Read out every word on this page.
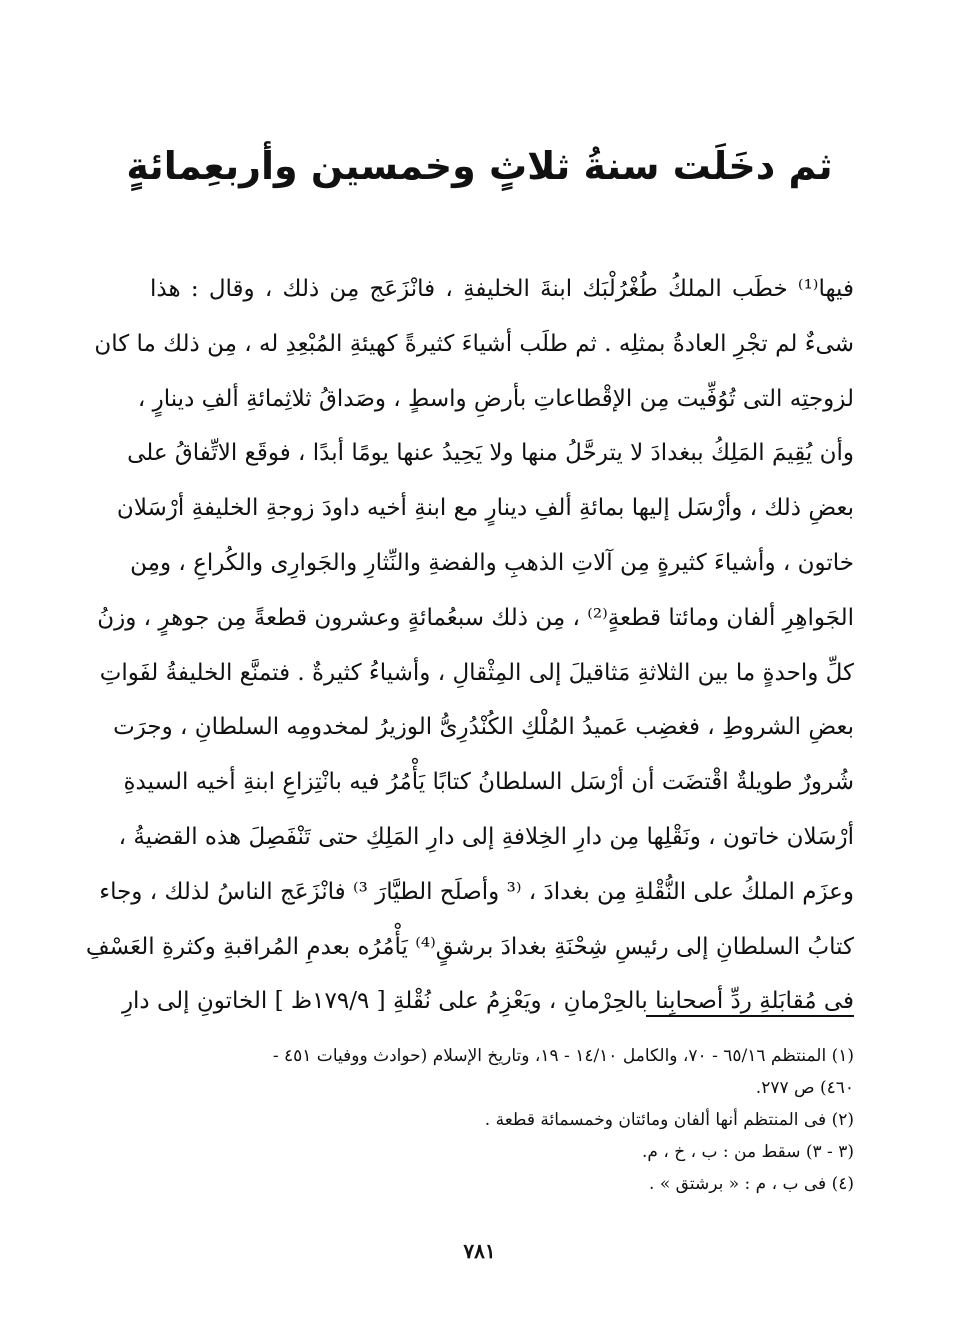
ثم دخَلَت سنةُ ثلاثٍ وخمسين وأربعِمائةٍ
فيها⁽¹⁾ خطَب الملكُ طُغْرُلْبَك ابنةَ الخليفةِ ، فانْزَعَج مِن ذلك ، وقال : هذا
شىءٌ لم تجْرِ العادةُ بمثلِه . ثم طلَب أشياءَ كثيرةً كهيئةِ المُبْعِدِ له ، مِن ذلك ما كان
لزوجتِه التى تُوُفِّيت مِن الإقْطاعاتِ بأرضِ واسطٍ ، وصَداقُ ثلاثِمائةِ ألفِ دينارٍ ،
وأن يُقِيمَ المَلِكُ ببغدادَ لا يترحَّلُ منها ولا يَحِيدُ عنها يومًا أبدًا ، فوقَع الاتِّفاقُ على
بعضِ ذلك ، وأرْسَل إليها بمائةِ ألفِ دينارٍ مع ابنةِ أخيه داودَ زوجةِ الخليفةِ أرْسَلان
خاتون ، وأشياءَ كثيرةٍ مِن آلاتِ الذهبِ والفضةِ والنِّثارِ والجَوارِى والكُراعِ ، ومِن
الجَواهِرِ ألفان ومائتا قطعةٍ⁽²⁾ ، مِن ذلك سبعُمائةٍ وعشرون قطعةً مِن جوهرٍ ، وزنُ
كلِّ واحدةٍ ما بين الثلاثةِ مَثاقيلَ إلى المِثْقالِ ، وأشياءُ كثيرةٌ . فتمنَّع الخليفةُ لفَواتِ
بعضِ الشروطِ ، فغضِب عَميدُ المُلْكِ الكُنْدُرِىُّ الوزيرُ لمخدومِه السلطانِ ، وجرَت
شُرورٌ طويلةٌ اقْتضَت أن أرْسَل السلطانُ كتابًا يَأْمُرُ فيه بانْتِزاعِ ابنةِ أخيه السيدةِ
أرْسَلان خاتون ، ونَقْلِها مِن دارِ الخِلافةِ إلى دارِ المَلِكِ حتى تَنْفَصِلَ هذه القضيةُ ،
وعزَم الملكُ على النُّقْلةِ مِن بغدادَ ، ⁽³ وأصلَح الطيَّارَ ³⁾ فانْزَعَج الناسُ لذلك ، وجاء
كتابُ السلطانِ إلى رئيسِ شِحْنَةِ بغدادَ برشقٍ⁽⁴⁾ يَأْمُرُه بعدمِ المُراقبةِ وكثرةِ العَسْفِ
فى مُقابَلةِ ردِّ أصحابِنا بالحِرْمانِ ، ويَعْزِمُ على نُقْلةِ [ ١٧٩/٩ظ ] الخاتونِ إلى دارِ
(١) المنتظم ٦٥/١٦ - ٧٠، والكامل ١٤/١٠ - ١٩، وتاريخ الإسلام (حوادث ووفيات ٤٥١ -
٤٦٠) ص ٢٧٧.
(٢) فى المنتظم أنها ألفان ومائتان وخمسمائة قطعة .
(٣ - ٣) سقط من : ب ، خ ، م.
(٤) فى ب ، م : « برشتق » .
٧٨١
